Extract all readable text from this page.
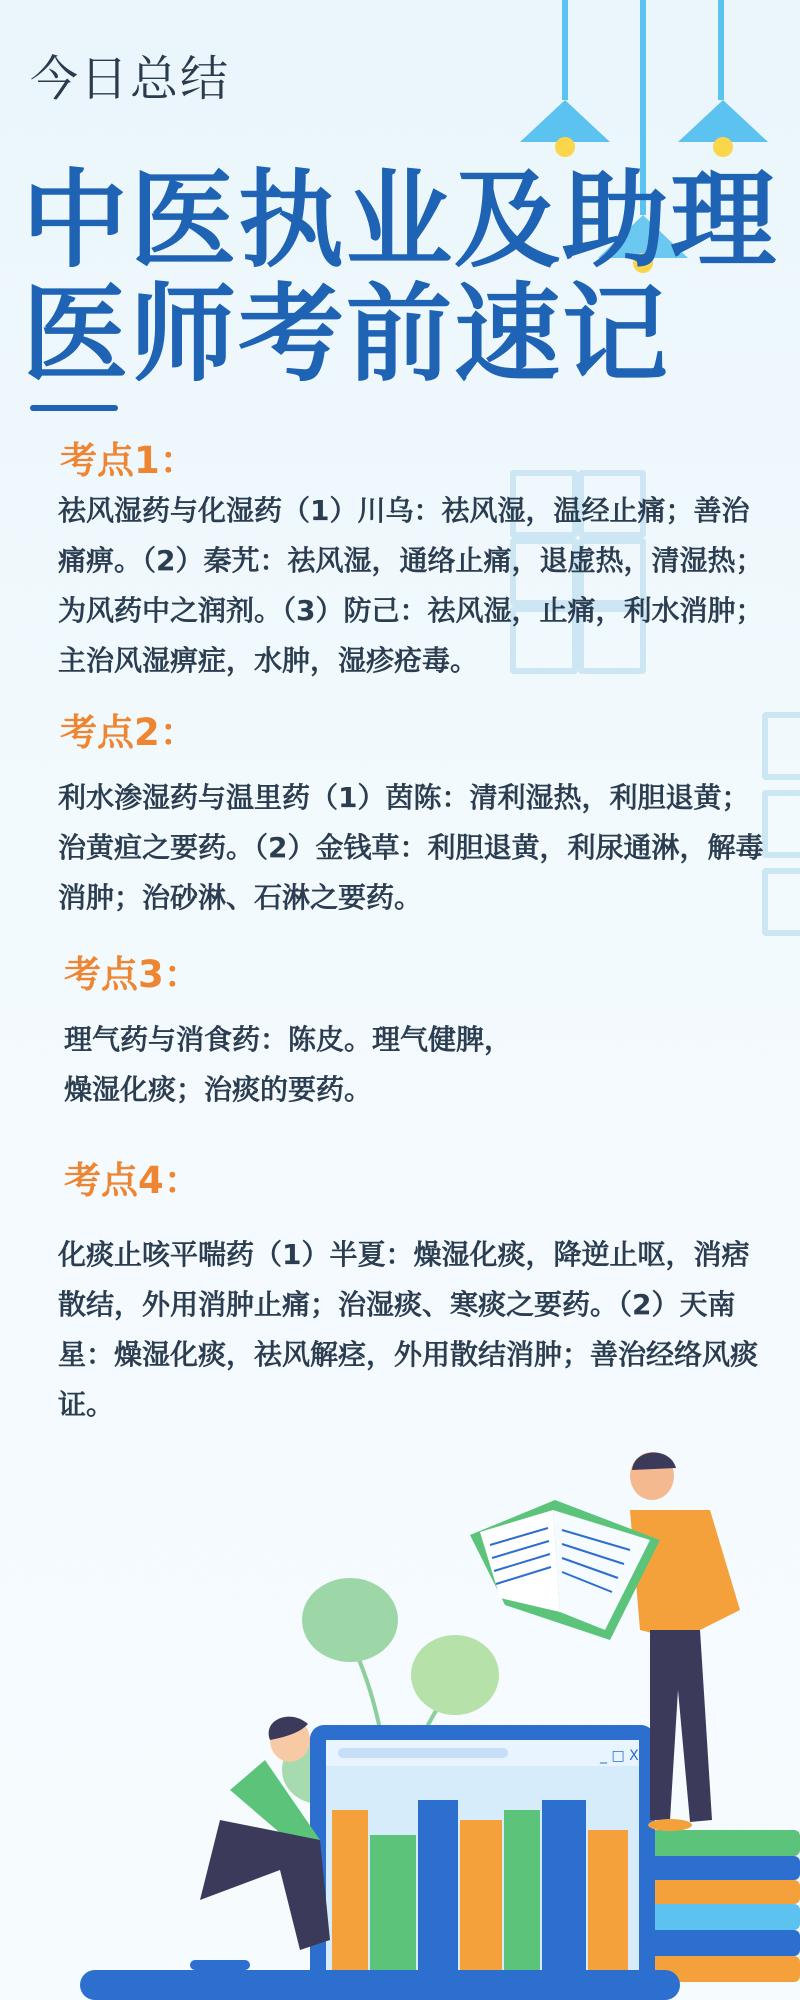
今日总结
中医执业及助理
医师考前速记
考点1：
祛风湿药与化湿药（1）川乌：祛风湿，温经止痛；善治痛痹。（2）秦艽：祛风湿，通络止痛，退虚热，清湿热；为风药中之润剂。（3）防己：祛风湿，止痛，利水消肿；主治风湿痹症，水肿，湿疹疮毒。
考点2：
利水渗湿药与温里药（1）茵陈：清利湿热，利胆退黄；治黄疸之要药。（2）金钱草：利胆退黄，利尿通淋，解毒消肿；治砂淋、石淋之要药。
考点3：
理气药与消食药：陈皮。理气健脾，
燥湿化痰；治痰的要药。
考点4：
化痰止咳平喘药（1）半夏：燥湿化痰，降逆止呕，消痞散结，外用消肿止痛；治湿痰、寒痰之要药。（2）天南星：燥湿化痰，祛风解痉，外用散结消肿；善治经络风痰证。
_ □ X
